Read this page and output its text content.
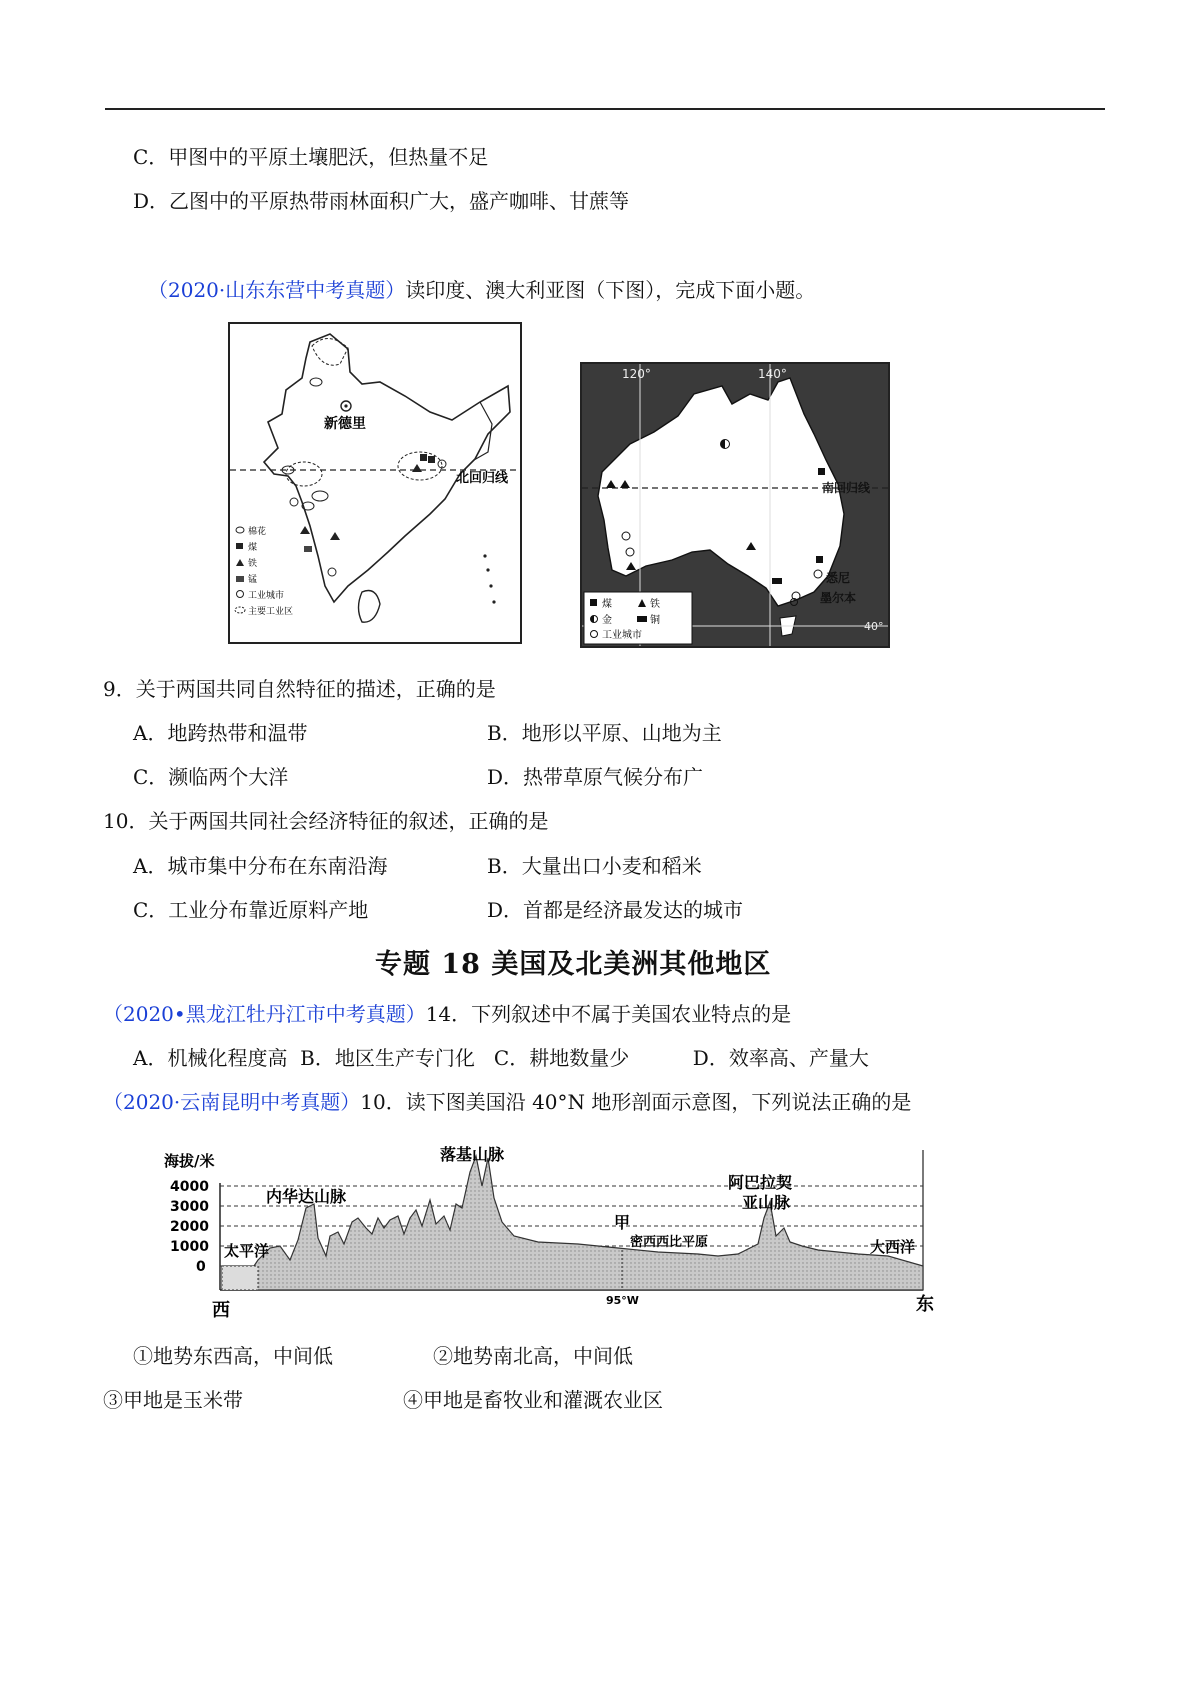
C．甲图中的平原土壤肥沃，但热量不足
D．乙图中的平原热带雨林面积广大，盛产咖啡、甘蔗等
（2020·山东东营中考真题）读印度、澳大利亚图（下图），完成下面小题。
北回归线
新德里
棉花
煤
铁
锰
工业城市
主要工业区
120°	140°
40°
南回归线
悉尼
墨尔本
煤	铁
金	铜
工业城市
9．关于两国共同自然特征的描述，正确的是
A．地跨热带和温带	B．地形以平原、山地为主
C．濒临两个大洋	D．热带草原气候分布广
10．关于两国共同社会经济特征的叙述，正确的是
A．城市集中分布在东南沿海	B．大量出口小麦和稻米
C．工业分布靠近原料产地	D．首都是经济最发达的城市
专题 18 美国及北美洲其他地区
（2020•黑龙江牡丹江市中考真题）14．下列叙述中不属于美国农业特点的是
A．机械化程度高  B．地区生产专门化   C．耕地数量少          D．效率高、产量大
（2020·云南昆明中考真题）10．读下图美国沿 40°N 地形剖面示意图，下列说法正确的是
海拔/米
4000
3000
2000
1000
0
落基山脉
内华达山脉
阿巴拉契
亚山脉
甲
密西西比平原
太平洋	大西洋
95°W
西	东
①地势东西高，中间低	②地势南北高，中间低
③甲地是玉米带	④甲地是畜牧业和灌溉农业区
